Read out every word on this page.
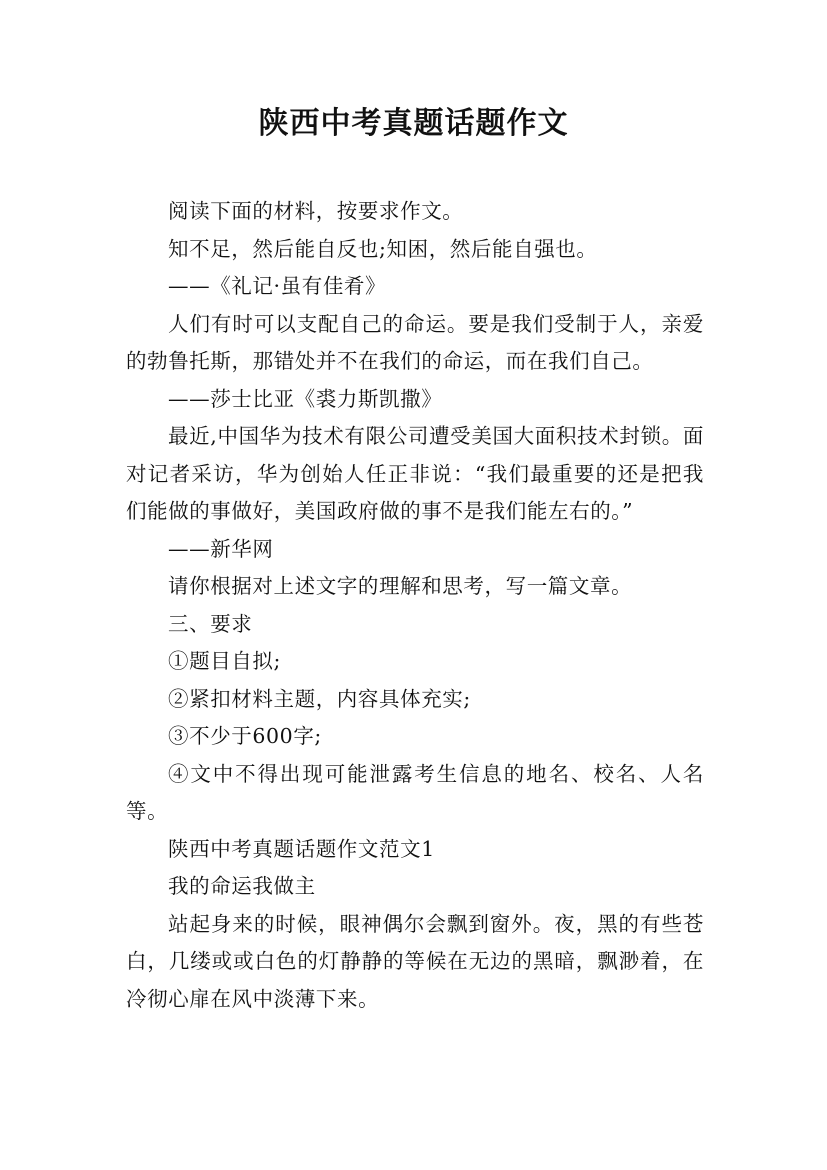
陕西中考真题话题作文

阅读下面的材料，按要求作文。

知不足，然后能自反也;知困，然后能自强也。

——《礼记·虽有佳肴》

人们有时可以支配自己的命运。要是我们受制于人，亲爱的勃鲁托斯，那错处并不在我们的命运，而在我们自己。

——莎士比亚《裘力斯凯撒》

最近,中国华为技术有限公司遭受美国大面积技术封锁。面对记者采访，华为创始人任正非说：“我们最重要的还是把我们能做的事做好，美国政府做的事不是我们能左右的。”

——新华网

请你根据对上述文字的理解和思考，写一篇文章。

三、要求

①题目自拟;

②紧扣材料主题，内容具体充实;

③不少于600字;

④文中不得出现可能泄露考生信息的地名、校名、人名等。

陕西中考真题话题作文范文1

我的命运我做主

站起身来的时候，眼神偶尔会飘到窗外。夜，黑的有些苍白，几缕或或白色的灯静静的等候在无边的黑暗，飘渺着，在冷彻心扉在风中淡薄下来。
